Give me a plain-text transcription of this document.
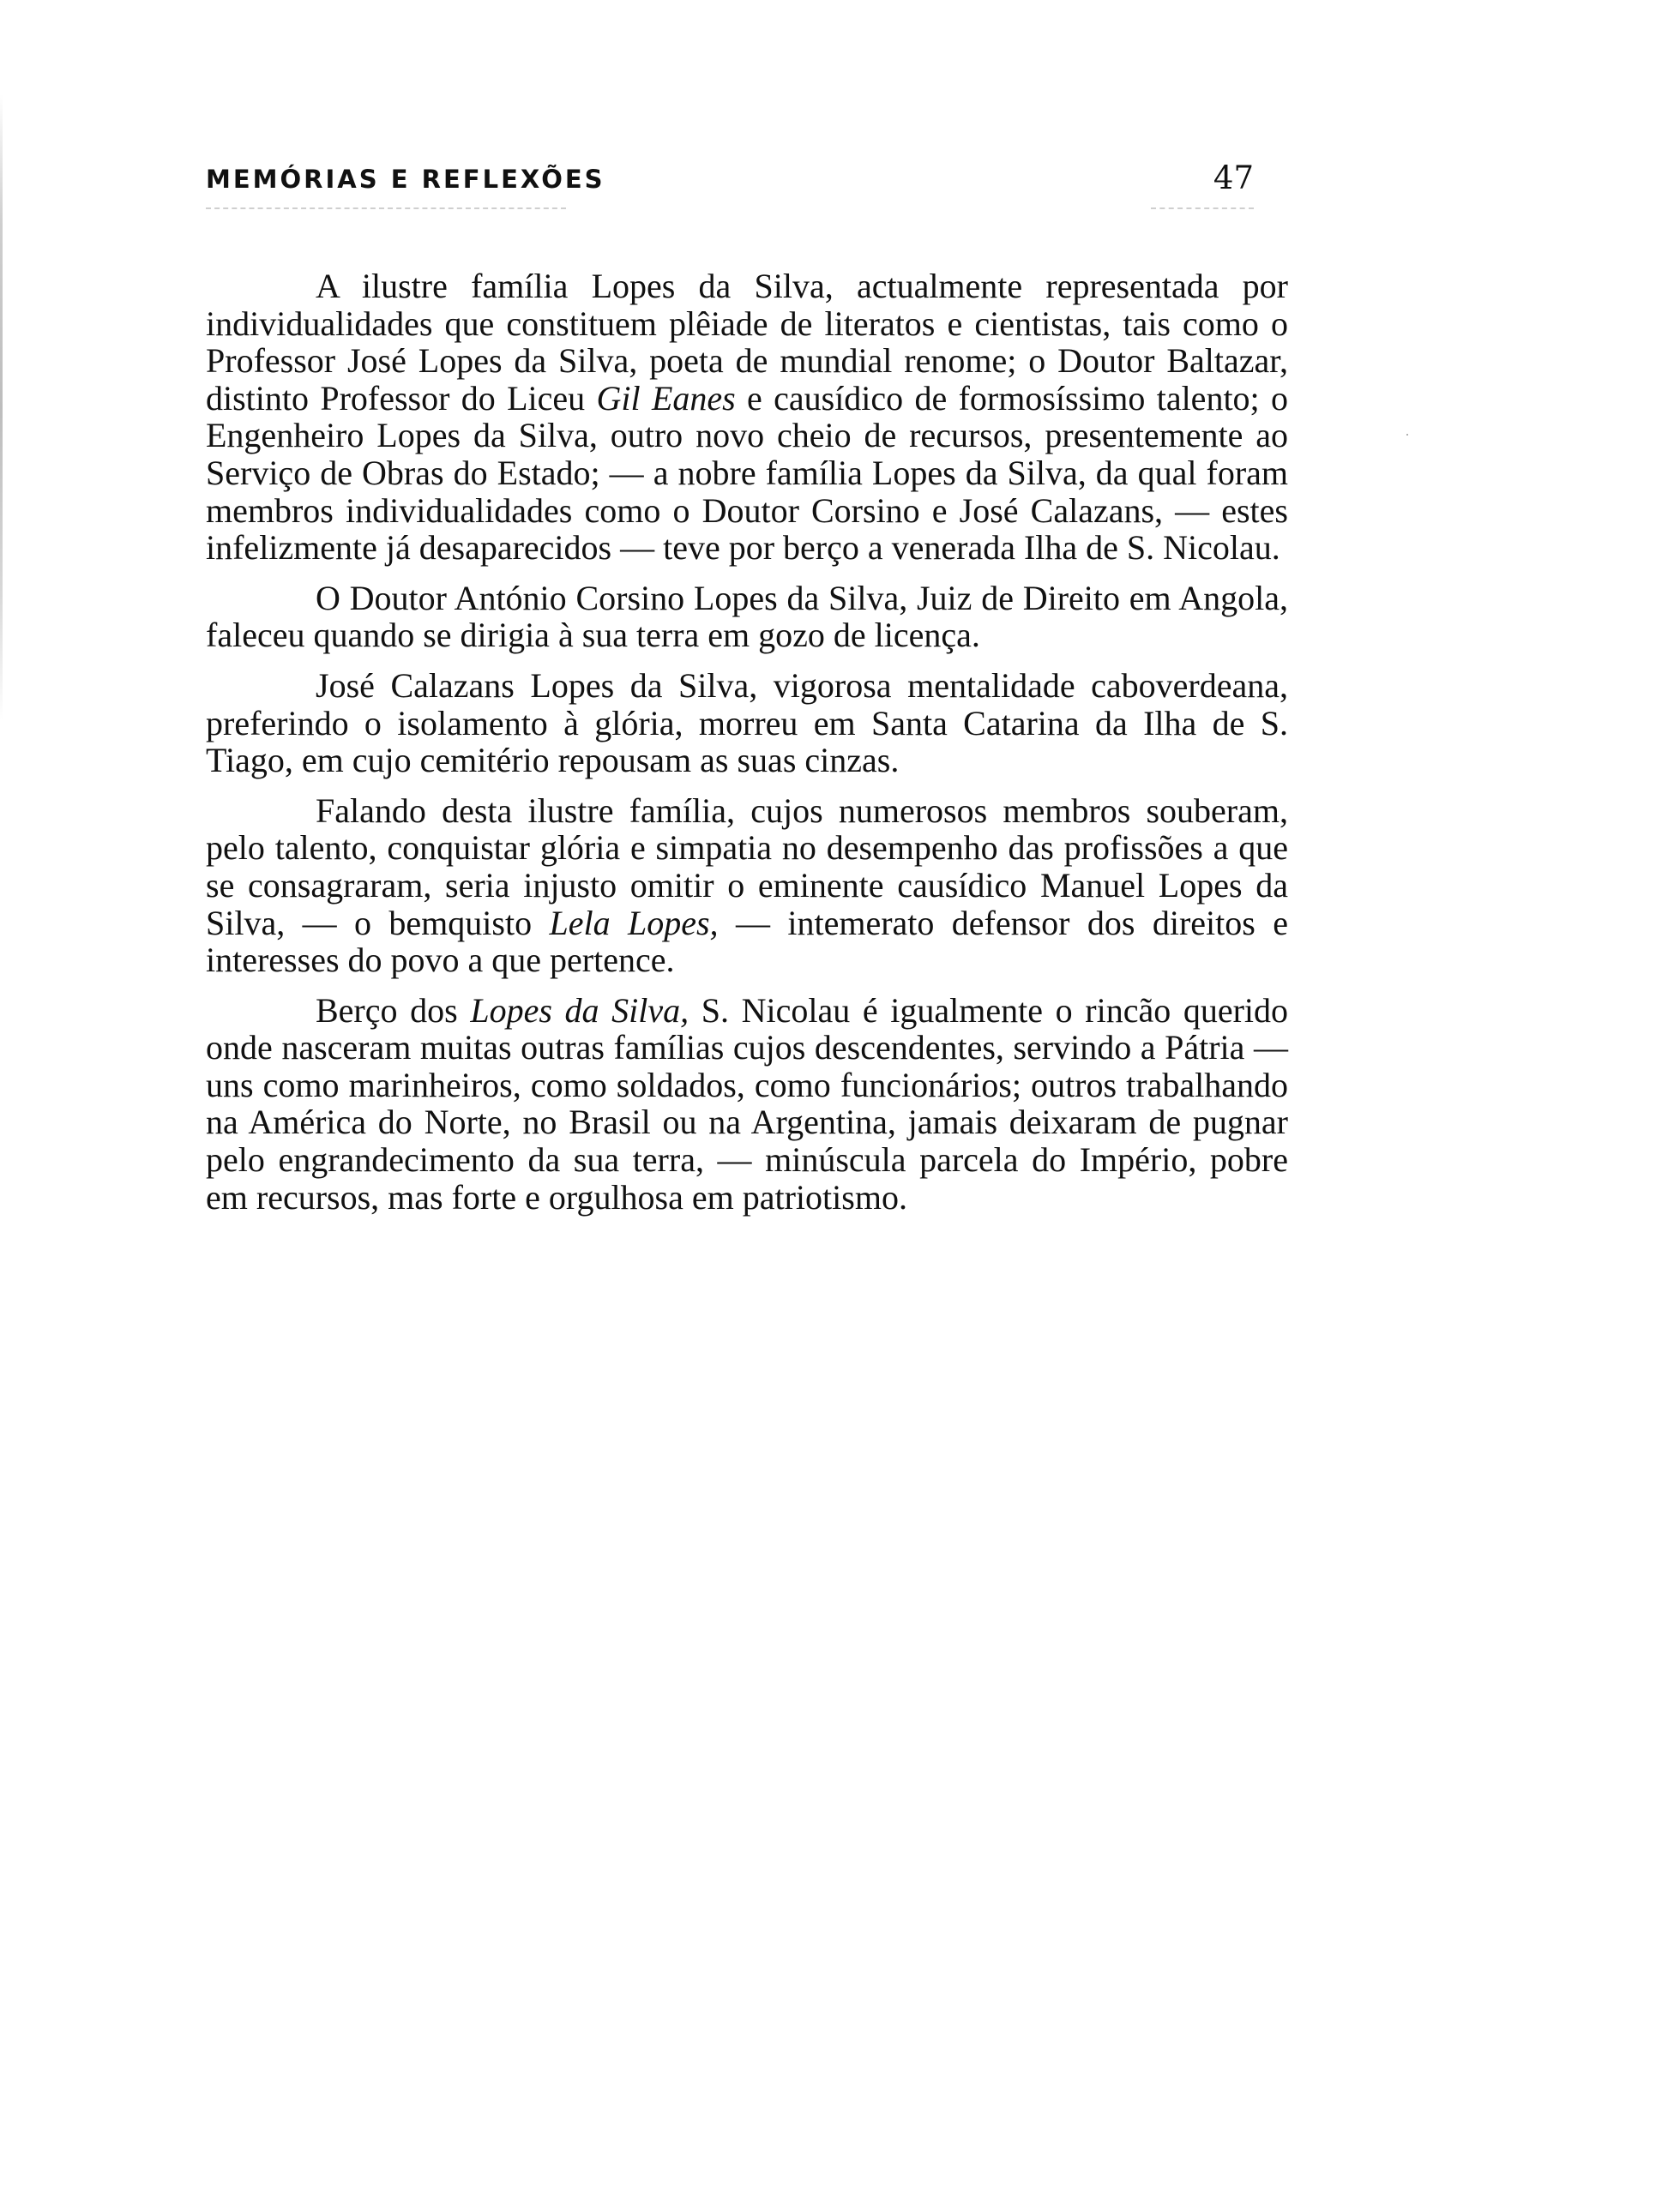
MEMÓRIAS E REFLEXÕES	47

A ilustre família Lopes da Silva, actualmente representada por individualidades que constituem plêiade de literatos e cientistas, tais como o Professor José Lopes da Silva, poeta de mundial renome; o Doutor Baltazar, distinto Professor do Liceu Gil Eanes e causídico de formosíssimo talento; o Engenheiro Lopes da Silva, outro novo cheio de recursos, presentemente ao Serviço de Obras do Estado; — a nobre família Lopes da Silva, da qual foram membros individualidades como o Doutor Corsino e José Calazans, — estes infelizmente já desaparecidos — teve por berço a venerada Ilha de S. Nicolau.

O Doutor António Corsino Lopes da Silva, Juiz de Direito em Angola, faleceu quando se dirigia à sua terra em gozo de licença.

José Calazans Lopes da Silva, vigorosa mentalidade caboverdeana, preferindo o isolamento à glória, morreu em Santa Catarina da Ilha de S. Tiago, em cujo cemitério repousam as suas cinzas.

Falando desta ilustre família, cujos numerosos membros souberam, pelo talento, conquistar glória e simpatia no desempenho das profissões a que se consagraram, seria injusto omitir o eminente causídico Manuel Lopes da Silva, — o bemquisto Lela Lopes, — intemerato defensor dos direitos e interesses do povo a que pertence.

Berço dos Lopes da Silva, S. Nicolau é igualmente o rincão querido onde nasceram muitas outras famílias cujos descendentes, servindo a Pátria — uns como marinheiros, como soldados, como funcionários; outros trabalhando na América do Norte, no Brasil ou na Argentina, jamais deixaram de pugnar pelo engrandecimento da sua terra, — minúscula parcela do Império, pobre em recursos, mas forte e orgulhosa em patriotismo.
